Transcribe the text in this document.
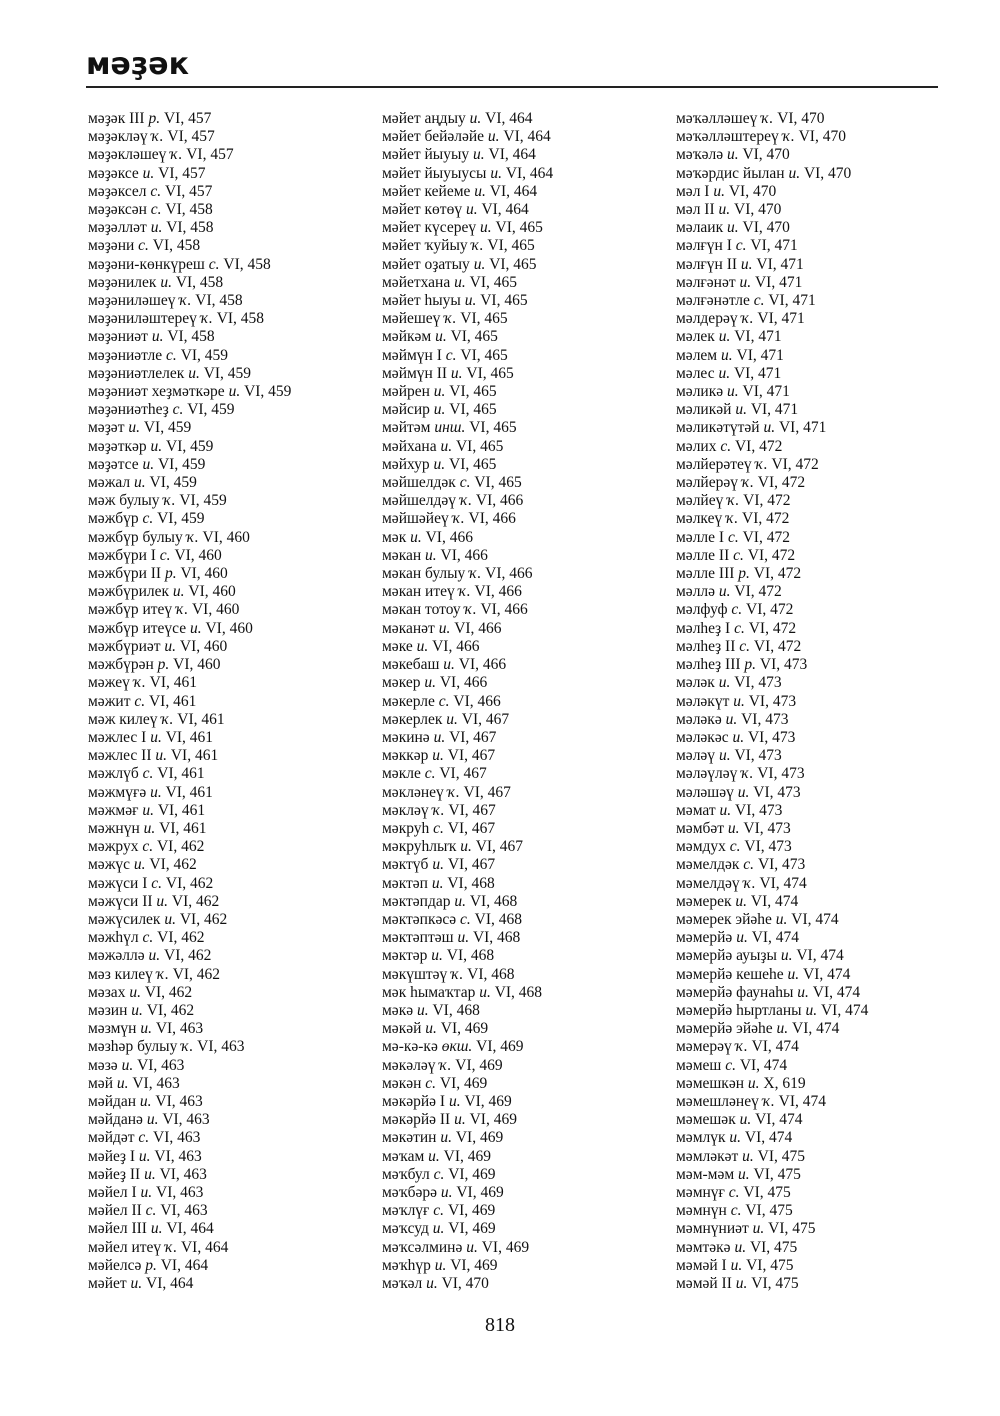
мәҙәк
мәҙәк III р. VI, 457
мәҙәкләү ҡ. VI, 457
мәҙәкләшеү ҡ. VI, 457
мәҙәксе и. VI, 457
мәҙәксел с. VI, 457
мәҙәксән с. VI, 458
мәҙәлләт и. VI, 458
мәҙәни с. VI, 458
мәҙәни-көнкүреш с. VI, 458
мәҙәнилек и. VI, 458
мәҙәниләшеү ҡ. VI, 458
мәҙәниләштереү ҡ. VI, 458
мәҙәниәт и. VI, 458
мәҙәниәтле с. VI, 459
мәҙәниәтлелек и. VI, 459
мәҙәниәт хеҙмәткәре и. VI, 459
мәҙәниәтһеҙ с. VI, 459
мәҙәт и. VI, 459
мәҙәткәр и. VI, 459
мәҙәтсе и. VI, 459
мәжал и. VI, 459
мәж булыу ҡ. VI, 459
мәжбүр с. VI, 459
мәжбүр булыу ҡ. VI, 460
мәжбүри I с. VI, 460
мәжбүри II р. VI, 460
мәжбүрилек и. VI, 460
мәжбүр итеү ҡ. VI, 460
мәжбүр итеүсе и. VI, 460
мәжбүриәт и. VI, 460
мәжбүрән р. VI, 460
мәжеү ҡ. VI, 461
мәжит с. VI, 461
мәж килеү ҡ. VI, 461
мәжлес I и. VI, 461
мәжлес II и. VI, 461
мәжлүб с. VI, 461
мәжмүғә и. VI, 461
мәжмәғ и. VI, 461
мәжнүн и. VI, 461
мәжрух с. VI, 462
мәжүс и. VI, 462
мәжүси I с. VI, 462
мәжүси II и. VI, 462
мәжүсилек и. VI, 462
мәжһүл с. VI, 462
мәжәллә и. VI, 462
мәз килеү ҡ. VI, 462
мәзах и. VI, 462
мәзин и. VI, 462
мәзмүн и. VI, 463
мәзһәр булыу ҡ. VI, 463
мәзә и. VI, 463
мәй и. VI, 463
мәйдан и. VI, 463
мәйданә и. VI, 463
мәйдәт с. VI, 463
мәйеҙ I и. VI, 463
мәйеҙ II и. VI, 463
мәйел I и. VI, 463
мәйел II с. VI, 463
мәйел III и. VI, 464
мәйел итеү ҡ. VI, 464
мәйелсә р. VI, 464
мәйет и. VI, 464
мәйет аңдыу и. VI, 464
мәйет бейәләйе и. VI, 464
мәйет йыуыу и. VI, 464
мәйет йыуыусы и. VI, 464
мәйет кейеме и. VI, 464
мәйет көтөү и. VI, 464
мәйет күсереү и. VI, 465
мәйет ҡуйыу ҡ. VI, 465
мәйет оҙатыу и. VI, 465
мәйетхана и. VI, 465
мәйет һыуы и. VI, 465
мәйешеү ҡ. VI, 465
мәйкәм и. VI, 465
мәймүн I с. VI, 465
мәймүн II и. VI, 465
мәйрен и. VI, 465
мәйсир и. VI, 465
мәйтәм инш. VI, 465
мәйхана и. VI, 465
мәйхур и. VI, 465
мәйшелдәк с. VI, 465
мәйшелдәү ҡ. VI, 466
мәйшәйеү ҡ. VI, 466
мәк и. VI, 466
мәкан и. VI, 466
мәкан булыу ҡ. VI, 466
мәкан итеү ҡ. VI, 466
мәкан тотоу ҡ. VI, 466
мәканәт и. VI, 466
мәке и. VI, 466
мәкебаш и. VI, 466
мәкер и. VI, 466
мәкерле с. VI, 466
мәкерлек и. VI, 467
мәкинә и. VI, 467
мәккәр и. VI, 467
мәкле с. VI, 467
мәкләнеү ҡ. VI, 467
мәкләү ҡ. VI, 467
мәкруһ с. VI, 467
мәкруһлыҡ и. VI, 467
мәктүб и. VI, 467
мәктәп и. VI, 468
мәктәпдар и. VI, 468
мәктәпкәсә с. VI, 468
мәктәптәш и. VI, 468
мәктәр и. VI, 468
мәкүштәү ҡ. VI, 468
мәк һымаҡтар и. VI, 468
мәкә и. VI, 468
мәкәй и. VI, 469
мә-кә-кә өкш. VI, 469
мәкәләү ҡ. VI, 469
мәкән с. VI, 469
мәкәрйә I и. VI, 469
мәкәрйә II и. VI, 469
мәкәтин и. VI, 469
мәҡам и. VI, 469
мәҡбул с. VI, 469
мәҡбәрә и. VI, 469
мәҡлүғ с. VI, 469
мәҡсуд и. VI, 469
мәҡсәлминә и. VI, 469
мәҡһүр и. VI, 469
мәҡәл и. VI, 470
мәҡәлләшеү ҡ. VI, 470
мәҡәлләштереү ҡ. VI, 470
мәҡәлә и. VI, 470
мәҡәрдис йылан и. VI, 470
мәл I и. VI, 470
мәл II и. VI, 470
мәлаик и. VI, 470
мәлғүн I с. VI, 471
мәлғүн II и. VI, 471
мәлғәнәт и. VI, 471
мәлғәнәтле с. VI, 471
мәлдерәү ҡ. VI, 471
мәлек и. VI, 471
мәлем и. VI, 471
мәлес и. VI, 471
мәликә и. VI, 471
мәликәй и. VI, 471
мәликәтүтәй и. VI, 471
мәлих с. VI, 472
мәлйерәтеү ҡ. VI, 472
мәлйерәү ҡ. VI, 472
мәлйеү ҡ. VI, 472
мәлкеү ҡ. VI, 472
мәлле I с. VI, 472
мәлле II с. VI, 472
мәлле III р. VI, 472
мәллә и. VI, 472
мәлфуф с. VI, 472
мәлһеҙ I с. VI, 472
мәлһеҙ II с. VI, 472
мәлһеҙ III р. VI, 473
мәләк и. VI, 473
мәләкүт и. VI, 473
мәләкә и. VI, 473
мәләкәс и. VI, 473
мәләү и. VI, 473
мәләүләү ҡ. VI, 473
мәләшәү и. VI, 473
мәмат и. VI, 473
мәмбәт и. VI, 473
мәмдух с. VI, 473
мәмелдәк с. VI, 473
мәмелдәү ҡ. VI, 474
мәмерек и. VI, 474
мәмерек эйәһе и. VI, 474
мәмерйә и. VI, 474
мәмерйә ауыҙы и. VI, 474
мәмерйә кешеһе и. VI, 474
мәмерйә фаунаһы и. VI, 474
мәмерйә һыртланы и. VI, 474
мәмерйә эйәһе и. VI, 474
мәмерәү ҡ. VI, 474
мәмеш с. VI, 474
мәмешкән и. X, 619
мәмешләнеү ҡ. VI, 474
мәмешәк и. VI, 474
мәмлүк и. VI, 474
мәмләкәт и. VI, 475
мәм-мәм и. VI, 475
мәмнүғ с. VI, 475
мәмнүн с. VI, 475
мәмнүниәт и. VI, 475
мәмтәкә и. VI, 475
мәмәй I и. VI, 475
мәмәй II и. VI, 475
818
